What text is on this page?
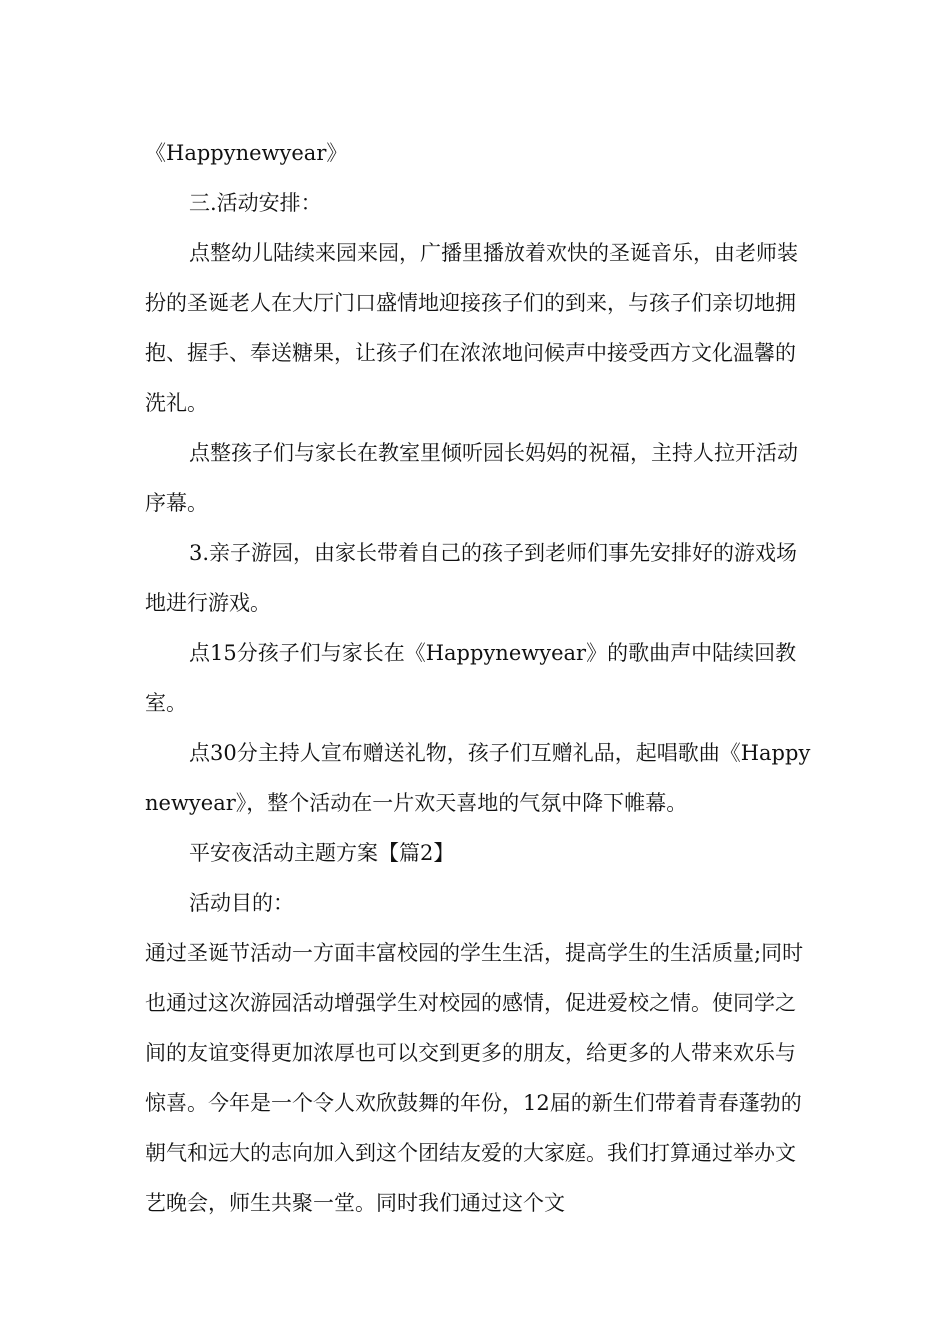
《Happynewyear》

三.活动安排：

点整幼儿陆续来园来园，广播里播放着欢快的圣诞音乐，由老师装扮的圣诞老人在大厅门口盛情地迎接孩子们的到来，与孩子们亲切地拥抱、握手、奉送糖果，让孩子们在浓浓地问候声中接受西方文化温馨的洗礼。

点整孩子们与家长在教室里倾听园长妈妈的祝福，主持人拉开活动序幕。

3.亲子游园，由家长带着自己的孩子到老师们事先安排好的游戏场地进行游戏。

点15分孩子们与家长在《Happynewyear》的歌曲声中陆续回教室。

点30分主持人宣布赠送礼物，孩子们互赠礼品，起唱歌曲《Happynewyear》，整个活动在一片欢天喜地的气氛中降下帷幕。

平安夜活动主题方案【篇2】

活动目的：

通过圣诞节活动一方面丰富校园的学生生活，提高学生的生活质量;同时也通过这次游园活动增强学生对校园的感情，促进爱校之情。使同学之间的友谊变得更加浓厚也可以交到更多的朋友，给更多的人带来欢乐与惊喜。今年是一个令人欢欣鼓舞的年份，12届的新生们带着青春蓬勃的朝气和远大的志向加入到这个团结友爱的大家庭。我们打算通过举办文艺晚会，师生共聚一堂。同时我们通过这个文
